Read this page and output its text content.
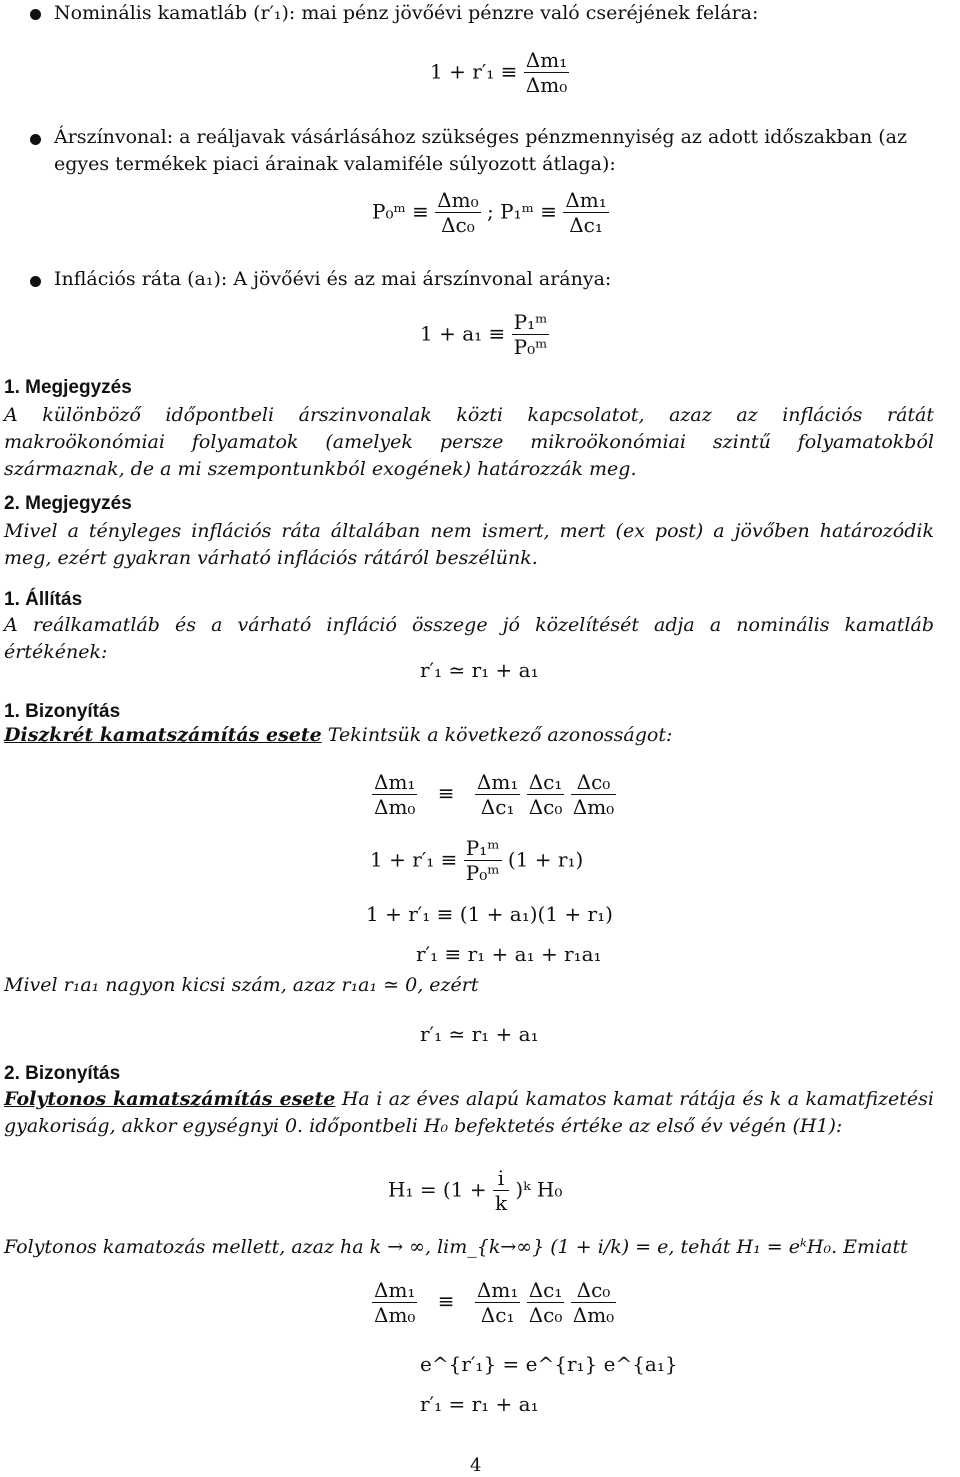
Nominális kamatláb (r′₁): mai pénz jövőévi pénzre való cseréjének felára:
$1 + r'_1 \equiv \frac{\text{Δm₁}}{\text{Δm₀}}$
Árszínvonal: a reáljavak vásárlásához szükséges pénzmennyiség az adott időszakban (az egyes termékek piaci árainak valamiféle súlyozott átlaga):
P₀ᵐ ≡ $\frac{\text{Δm₀}}{\text{Δc₀}}$ ; P₁ᵐ ≡ $\frac{\text{Δm₁}}{\text{Δc₁}}$
Inflációs ráta (a₁): A jövőévi és az mai árszínvonal aránya:
$1 + a_1 \equiv \frac{\text{P₁ᵐ}}{\text{P₀ᵐ}}$
1. Megjegyzés
A különböző időpontbeli árszinvonalak közti kapcsolatot, azaz az inflációs rátát makroökonómiai folyamatok (amelyek persze mikroökonómiai szintű folyamatokból származnak, de a mi szempontunkból exogének) határozzák meg.
2. Megjegyzés
Mivel a tényleges inflációs ráta általában nem ismert, mert (ex post) a jövőben határozódik meg, ezért gyakran várható inflációs rátáról beszélünk.
1. Állítás
A reálkamatláb és a várható infláció összege jó közelítését adja a nominális kamatláb értékének:
r′₁ ≃ r₁ + a₁
1. Bizonyítás
Diszkrét kamatszámítás esete Tekintsük a következő azonosságot:
$\frac{\text{Δm₁}}{\text{Δm₀}} \equiv \frac{\text{Δm₁}}{\text{Δc₁}}$
$\frac{\text{Δc₁}}{\text{Δc₀}}$
$\frac{\text{Δc₀}}{\text{Δm₀}}$
$1 + r'_1 \equiv \frac{\text{P₁ᵐ}}{\text{P₀ᵐ}} (1 + r_1)$
1 + r′₁ ≡ (1 + a₁)(1 + r₁)
r′₁ ≡ r₁ + a₁ + r₁a₁
Mivel r₁a₁ nagyon kicsi szám, azaz r₁a₁ ≃ 0, ezért
r′₁ ≃ r₁ + a₁
2. Bizonyítás
Folytonos kamatszámítás esete Ha i az éves alapú kamatos kamat rátája és k a kamatfizetési gyakoriság, akkor egységnyi 0. időpontbeli H₀ befektetés értéke az első év végén (H1):
$H_1 = (1 + \frac{i}{k}$ )ᵏ H₀
Folytonos kamatozás mellett, azaz ha k → ∞, lim_{k→∞} (1 + i/k) = e, tehát H₁ = eᵏH₀. Emiatt
$\frac{\text{Δm₁}}{\text{Δm₀}} \equiv \frac{\text{Δm₁}}{\text{Δc₁}}$
$\frac{\text{Δc₁}}{\text{Δc₀}}$
$\frac{\text{Δc₀}}{\text{Δm₀}}$
e^{r′₁} = e^{r₁} e^{a₁}
r′₁ = r₁ + a₁
4
